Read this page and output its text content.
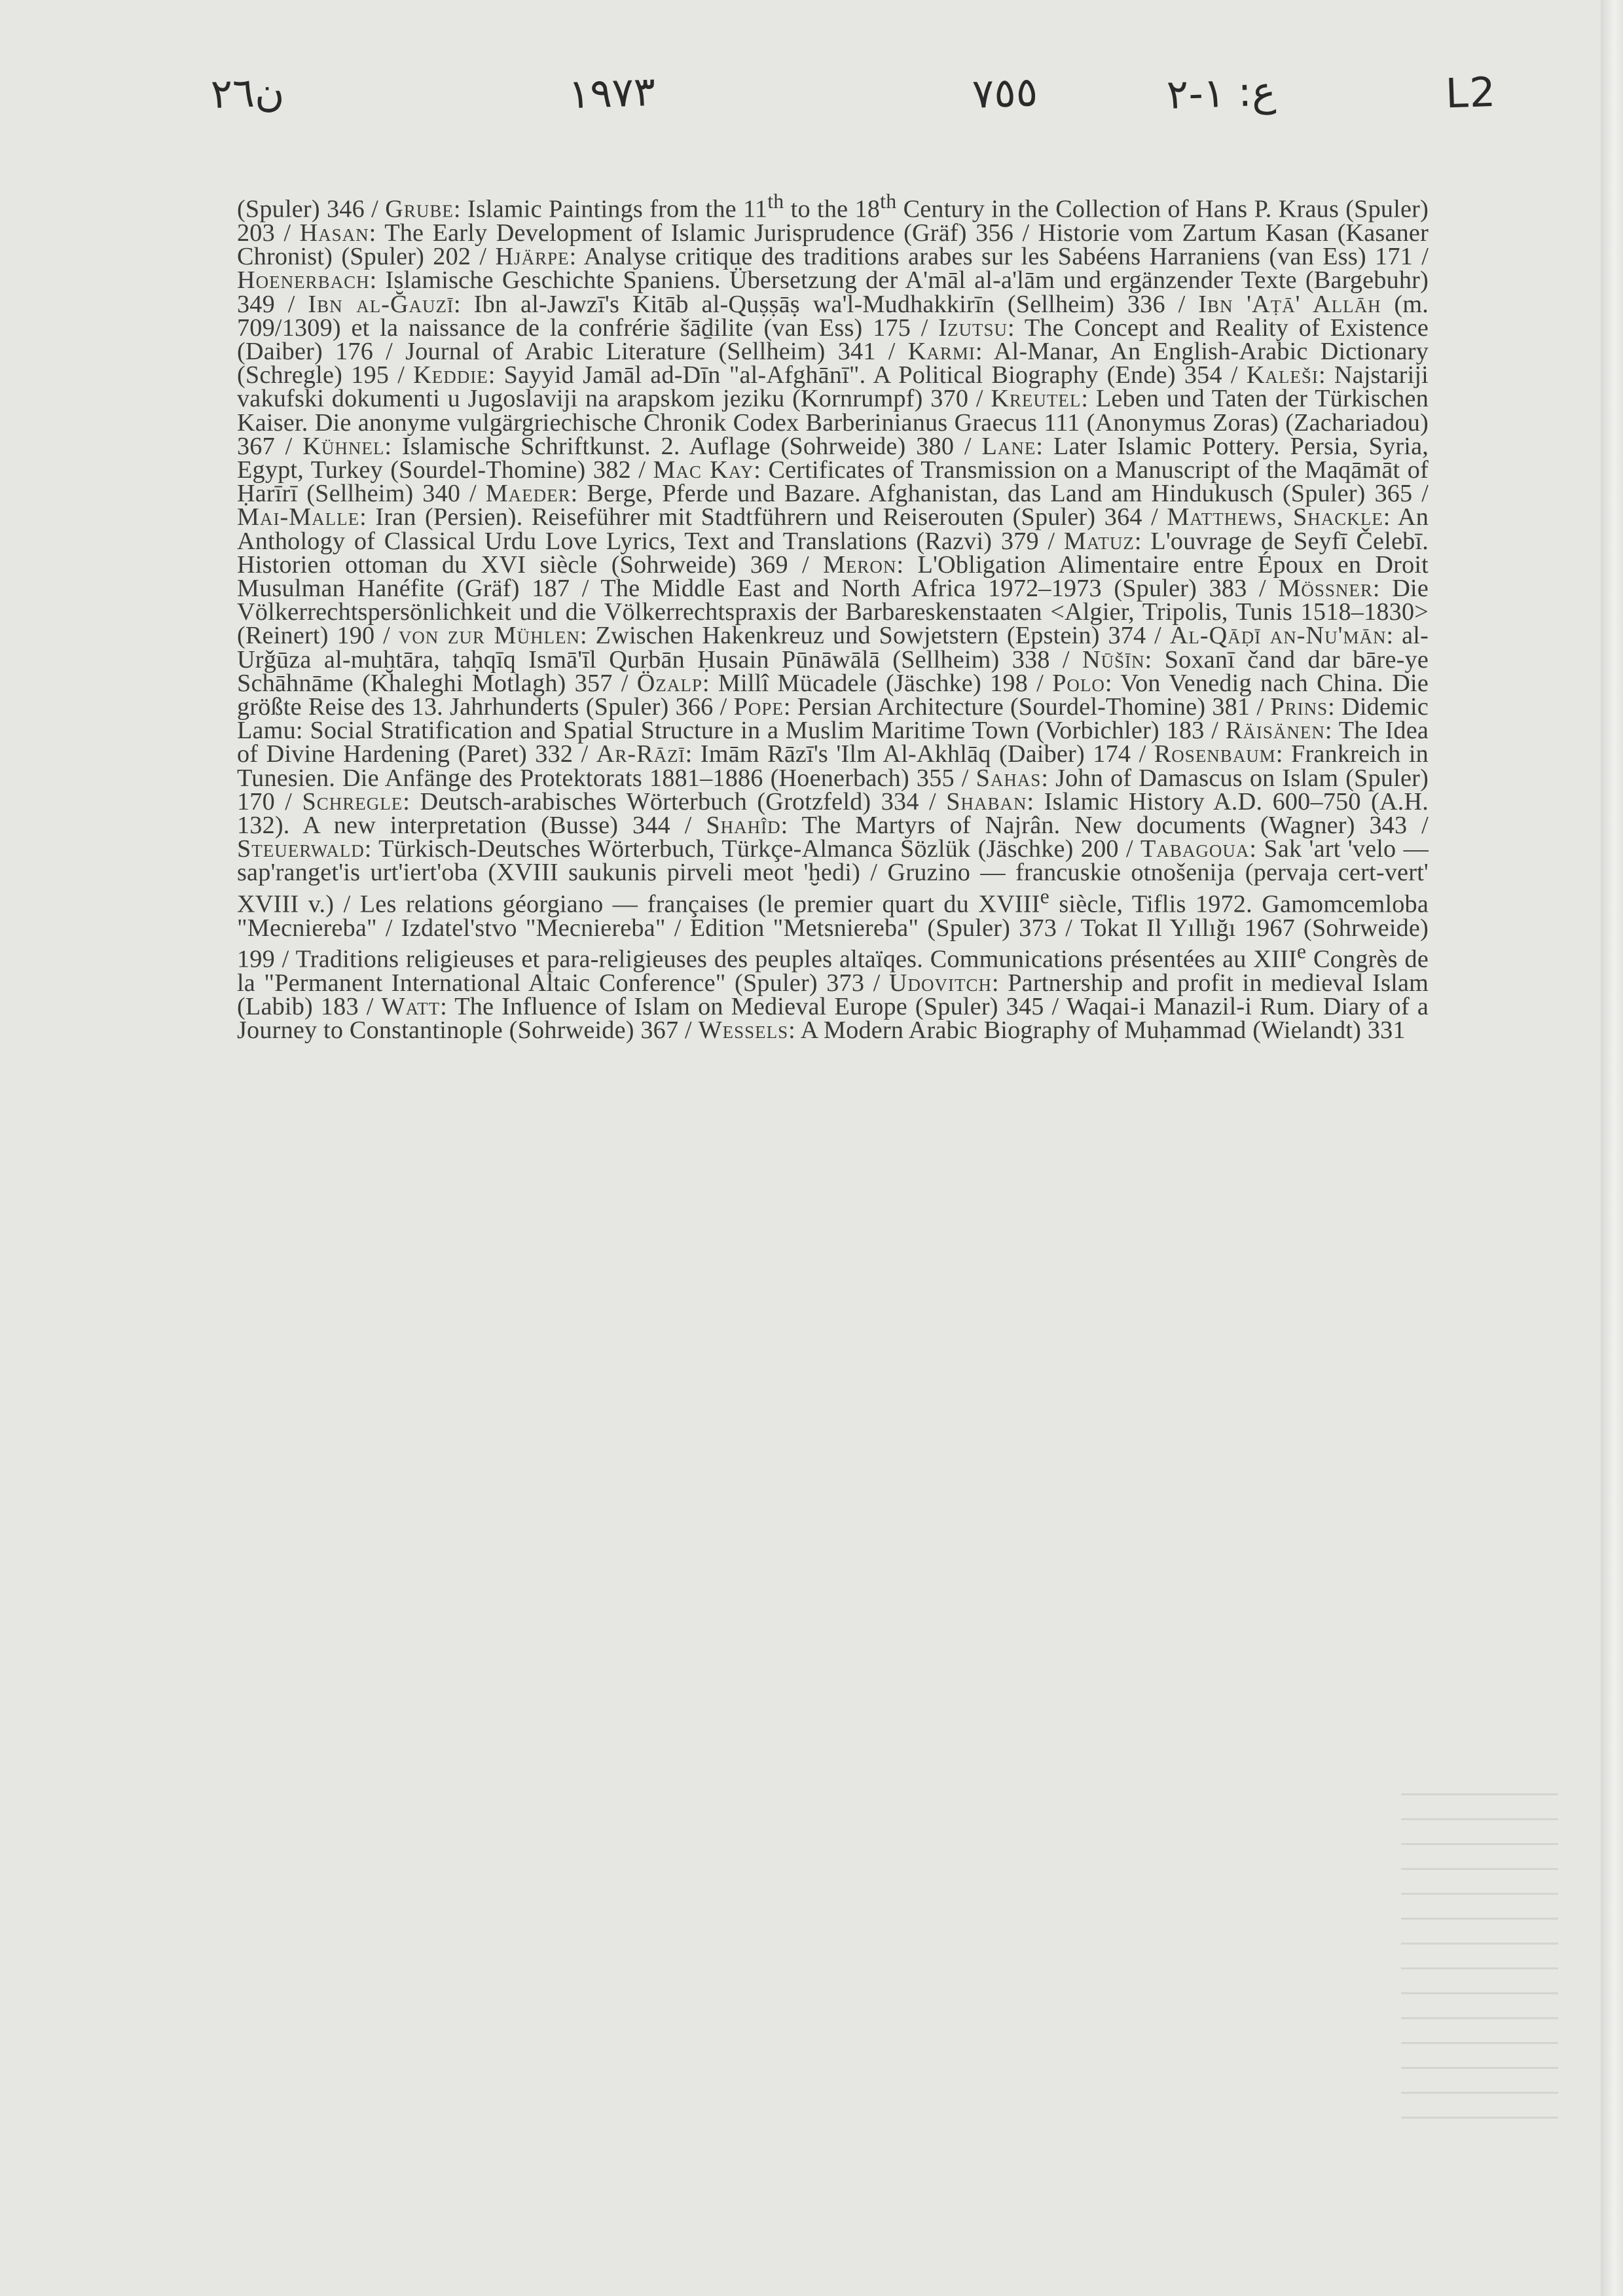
ن٢٦	١٩٧٣	٧٥٥	ع: ١-٢	L2
(Spuler) 346 / Grube: Islamic Paintings from the 11th to the 18th Century in the Collection of Hans P. Kraus (Spuler) 203 / Hasan: The Early Development of Islamic Jurisprudence (Gräf) 356 / Historie vom Zartum Kasan (Kasaner Chronist) (Spuler) 202 / Hjärpe: Analyse critique des traditions arabes sur les Sabéens Harraniens (van Ess) 171 / Hoenerbach: Islamische Geschichte Spaniens. Übersetzung der A'māl al-a'lām und ergänzender Texte (Bargebuhr) 349 / Ibn al-Ğauzī: Ibn al-Jawzī's Kitāb al-Quṣṣāṣ wa'l-Mudhakkirīn (Sellheim) 336 / Ibn 'Aṭā' Allāh (m. 709/1309) et la naissance de la confrérie šāḏilite (van Ess) 175 / Izutsu: The Concept and Reality of Existence (Daiber) 176 / Journal of Arabic Literature (Sellheim) 341 / Karmi: Al-Manar, An English-Arabic Dictionary (Schregle) 195 / Keddie: Sayyid Jamāl ad-Dīn "al-Afghānī". A Political Biography (Ende) 354 / Kaleši: Najstariji vakufski dokumenti u Jugoslaviji na arapskom jeziku (Kornrumpf) 370 / Kreutel: Leben und Taten der Türkischen Kaiser. Die anonyme vulgärgriechische Chronik Codex Barberinianus Graecus 111 (Anonymus Zoras) (Zachariadou) 367 / Kühnel: Islamische Schriftkunst. 2. Auflage (Sohrweide) 380 / Lane: Later Islamic Pottery. Persia, Syria, Egypt, Turkey (Sourdel-Thomine) 382 / Mac Kay: Certificates of Transmission on a Manuscript of the Maqāmāt of Ḥarīrī (Sellheim) 340 / Maeder: Berge, Pferde und Bazare. Afghanistan, das Land am Hindukusch (Spuler) 365 / Mai-Malle: Iran (Persien). Reiseführer mit Stadtführern und Reiserouten (Spuler) 364 / Matthews, Shackle: An Anthology of Classical Urdu Love Lyrics, Text and Translations (Razvi) 379 / Matuz: L'ouvrage de Seyfī Čelebī. Historien ottoman du XVI siècle (Sohrweide) 369 / Meron: L'Obligation Alimentaire entre Époux en Droit Musulman Hanéfite (Gräf) 187 / The Middle East and North Africa 1972–1973 (Spuler) 383 / Mössner: Die Völkerrechtspersönlichkeit und die Völkerrechtspraxis der Barbareskenstaaten <Algier, Tripolis, Tunis 1518–1830> (Reinert) 190 / von zur Mühlen: Zwischen Hakenkreuz und Sowjetstern (Epstein) 374 / Al-Qāḍī an-Nu'mān: al-Urǧūza al-muḫtāra, taḥqīq Ismā'īl Qurbān Ḥusain Pūnāwālā (Sellheim) 338 / Nūšīn: Soxanī čand dar bāre-ye Schāhnāme (Khaleghi Motlagh) 357 / Özalp: Millî Mücadele (Jäschke) 198 / Polo: Von Venedig nach China. Die größte Reise des 13. Jahrhunderts (Spuler) 366 / Pope: Persian Architecture (Sourdel-Thomine) 381 / Prins: Didemic Lamu: Social Stratification and Spatial Structure in a Muslim Maritime Town (Vorbichler) 183 / Räisänen: The Idea of Divine Hardening (Paret) 332 / Ar-Rāzī: Imām Rāzī's 'Ilm Al-Akhlāq (Daiber) 174 / Rosenbaum: Frankreich in Tunesien. Die Anfänge des Protektorats 1881–1886 (Hoenerbach) 355 / Sahas: John of Damascus on Islam (Spuler) 170 / Schregle: Deutsch-arabisches Wörterbuch (Grotzfeld) 334 / Shaban: Islamic History A.D. 600–750 (A.H. 132). A new interpretation (Busse) 344 / Shahîd: The Martyrs of Najrân. New documents (Wagner) 343 / Steuerwald: Türkisch-Deutsches Wörterbuch, Türkçe-Almanca Sözlük (Jäschke) 200 / Tabagoua: Sak 'art 'velo — sap'ranget'is urt'iert'oba (XVIII saukunis pirveli meot 'ḫedi) / Gruzino — francuskie otnošenija (pervaja cert-vert' XVIII v.) / Les relations géorgiano — françaises (le premier quart du XVIIIe siècle, Tiflis 1972. Gamomcemloba "Mecniereba" / Izdatel'stvo "Mecniereba" / Edition "Metsniereba" (Spuler) 373 / Tokat Il Yıllığı 1967 (Sohrweide) 199 / Traditions religieuses et para-religieuses des peuples altaïqes. Communications présentées au XIIIe Congrès de la "Permanent International Altaic Conference" (Spuler) 373 / Udovitch: Partnership and profit in medieval Islam (Labib) 183 / Watt: The Influence of Islam on Medieval Europe (Spuler) 345 / Waqai-i Manazil-i Rum. Diary of a Journey to Constantinople (Sohrweide) 367 / Wessels: A Modern Arabic Biography of Muḥammad (Wielandt) 331
